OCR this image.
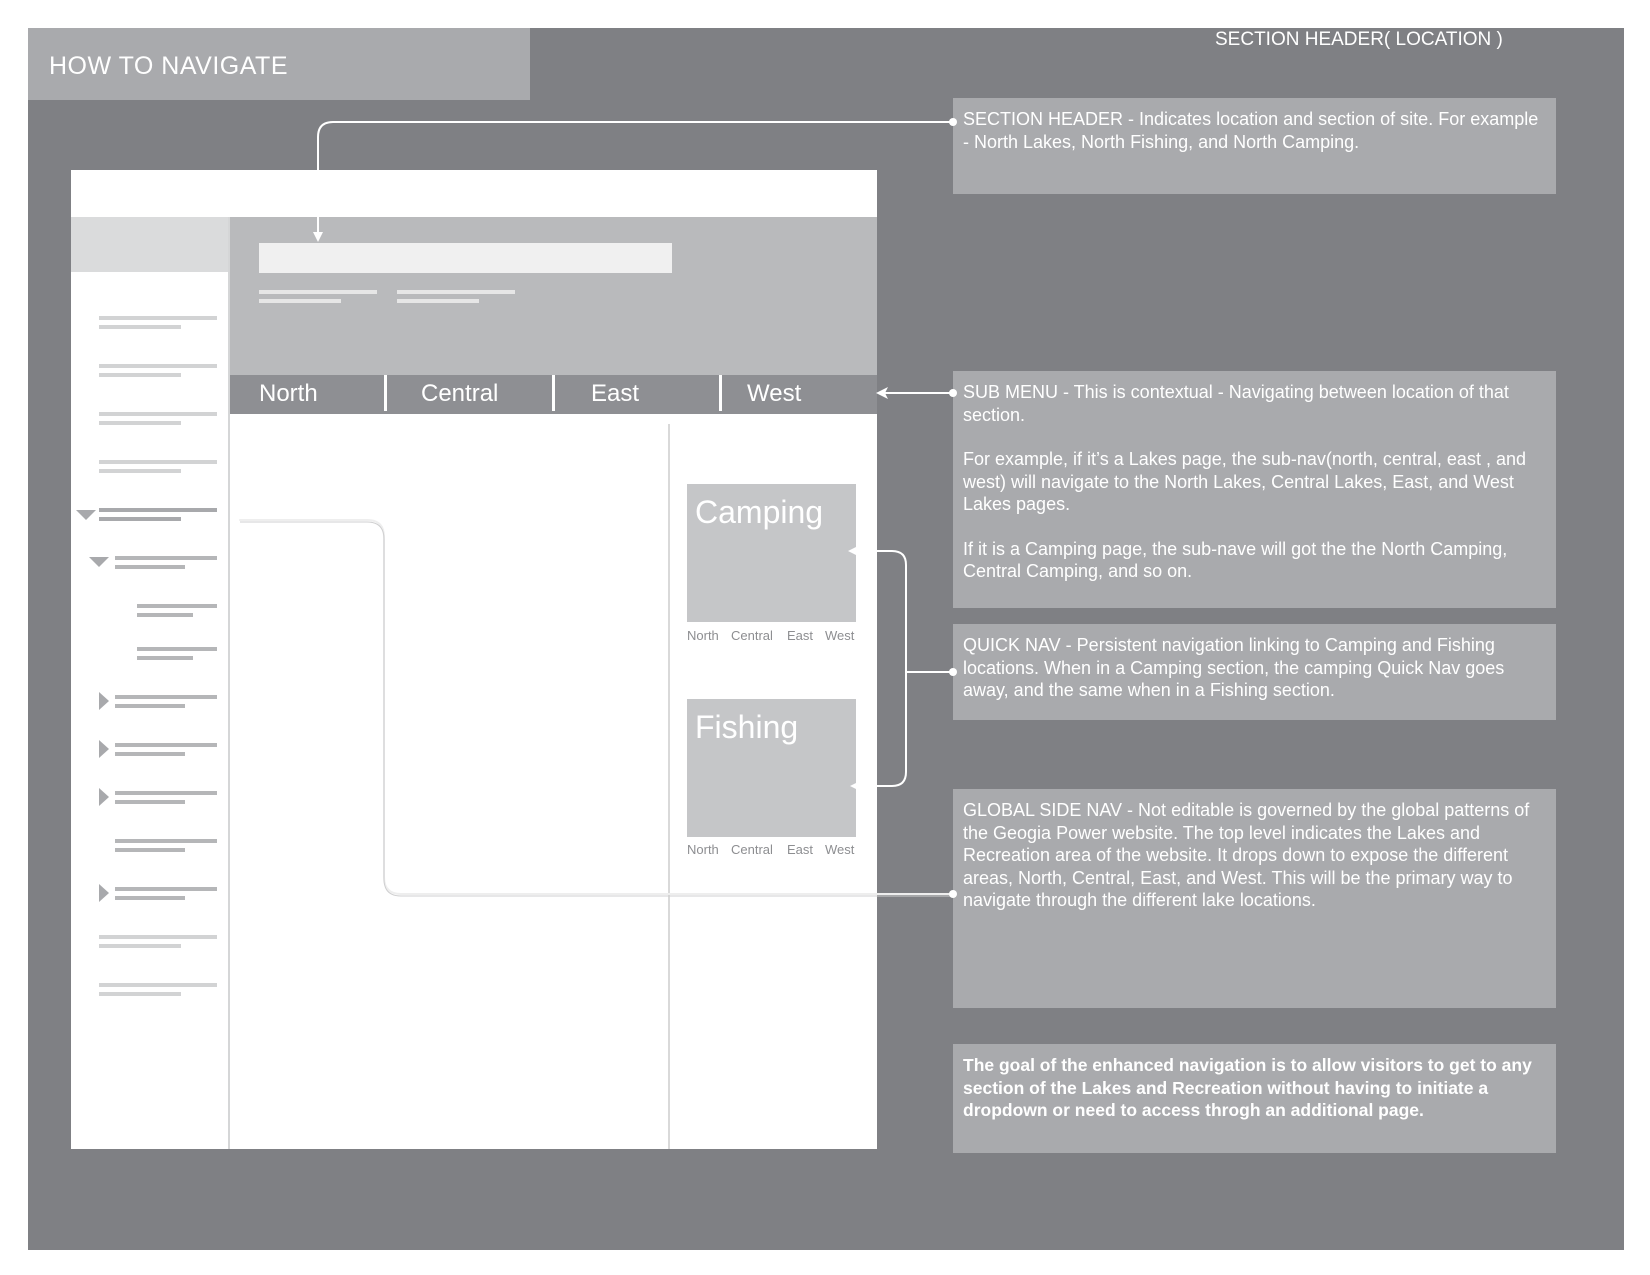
HOW TO NAVIGATE
SECTION HEADER( LOCATION )
North	Central	East	West
Camping
North Central East West
Fishing
North Central East West

SECTION HEADER - Indicates location and section of site. For example - North Lakes, North Fishing, and North Camping.

SUB MENU - This is contextual - Navigating between location of that section.

For example, if it’s a Lakes page, the sub-nav(north, central, east , and west) will navigate to the North Lakes, Central Lakes, East, and West Lakes pages.

If it is a Camping page, the sub-nave will got the the North Camping, Central Camping, and so on.

QUICK NAV - Persistent navigation linking to Camping and Fishing locations. When in a Camping section, the camping Quick Nav goes away, and the same when in a Fishing section.

GLOBAL SIDE NAV - Not editable is governed by the global patterns of the Geogia Power website. The top level indicates the Lakes and Recreation area of the website. It drops down to expose the different areas, North, Central, East, and West. This will be the primary way to navigate through the different lake locations.

The goal of the enhanced navigation is to allow visitors to get to any section of the Lakes and Recreation without having to initiate a dropdown or need to access throgh an additional page.
